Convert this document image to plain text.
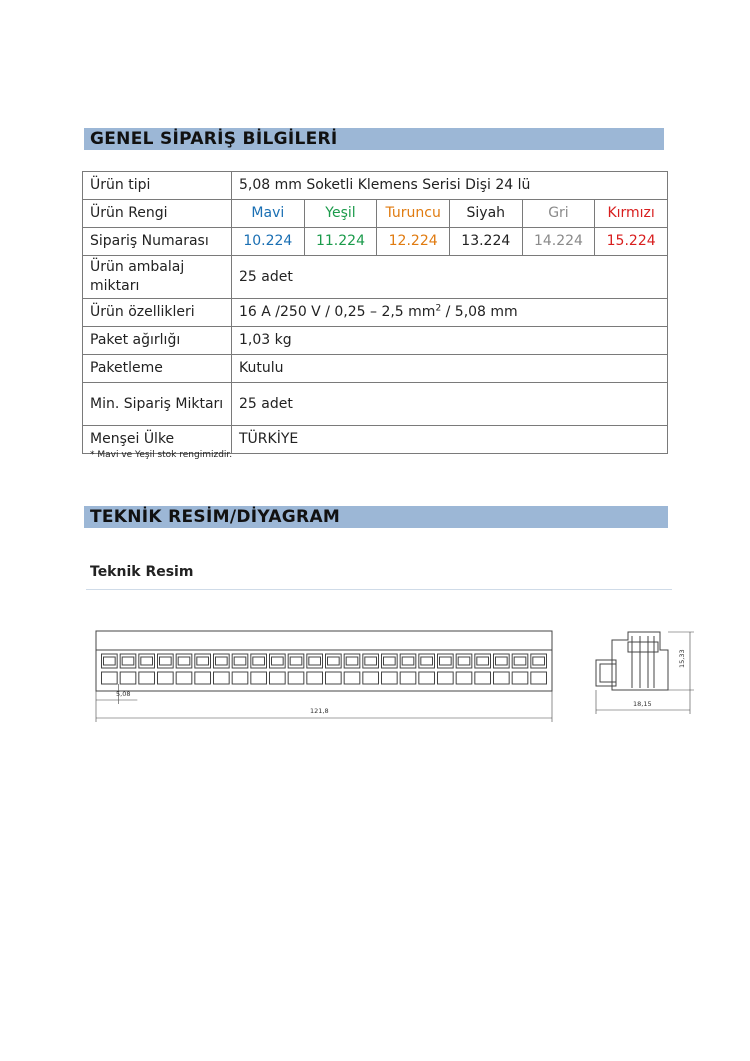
GENEL SİPARİŞ BİLGİLERİ
Ürün tipi	5,08 mm Soketli Klemens Serisi Dişi 24 lü					
Ürün Rengi	Mavi	Yeşil	Turuncu	Siyah	Gri	Kırmızı
Sipariş Numarası	10.224	11.224	12.224	13.224	14.224	15.224
Ürün ambalaj miktarı	25 adet					
Ürün özellikleri	16 A /250 V / 0,25 – 2,5 $mm^2 / 5,08$ mm					
Paket ağırlığı	1,03 kg					
Paketleme	Kutulu					
Min. Sipariş Miktarı	25 adet					
Menşei Ülke	TÜRKİYE					
* Mavi ve Yeşil stok rengimizdir.
TEKNİK RESİM/DİYAGRAM
Teknik Resim
5,08
121,8
18,15
15,33
